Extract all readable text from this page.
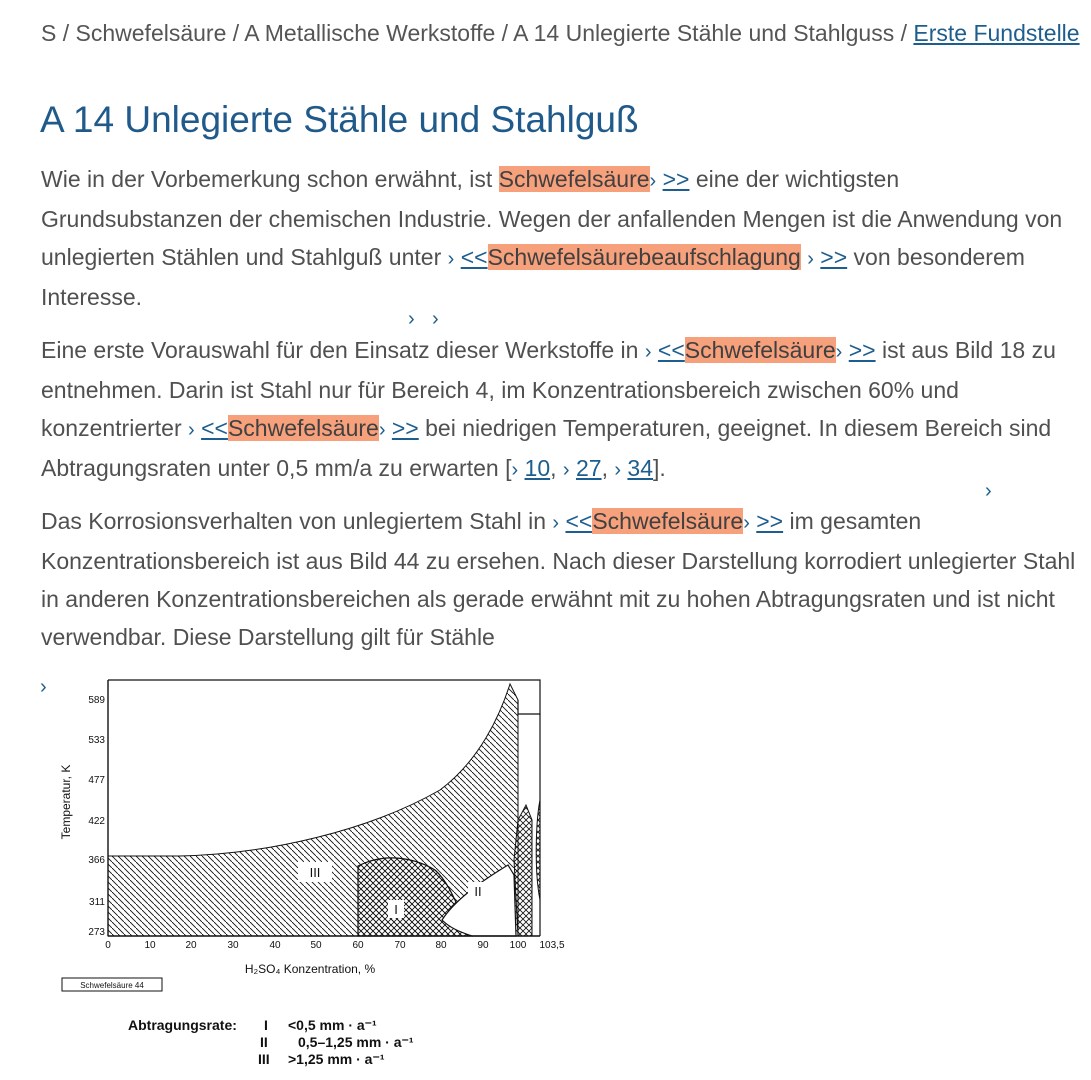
S / Schwefelsäure / A Metallische Werkstoffe / A 14 Unlegierte Stähle und Stahlguss / Erste Fundstelle
A 14 Unlegierte Stähle und Stahlguß

Wie in der Vorbemerkung schon erwähnt, ist Schwefelsäure› >> eine der wichtigsten Grundsubstanzen der chemischen Industrie. Wegen der anfallenden Mengen ist die Anwendung von unlegierten Stählen und Stahlguß unter › <<Schwefelsäurebeaufschlagung › >> von besonderem Interesse.

› ›

Eine erste Vorauswahl für den Einsatz dieser Werkstoffe in › <<Schwefelsäure› >> ist aus Bild 18 zu entnehmen. Darin ist Stahl nur für Bereich 4, im Konzentrationsbereich zwischen 60% und konzentrierter › <<Schwefelsäure› >> bei niedrigen Temperaturen, geeignet. In diesem Bereich sind Abtragungsraten unter 0,5 mm/a zu erwarten [› 10, › 27, › 34].

›

Das Korrosionsverhalten von unlegiertem Stahl in › <<Schwefelsäure› >> im gesamten Konzentrationsbereich ist aus Bild 44 zu ersehen. Nach dieser Darstellung korrodiert unlegierter Stahl in anderen Konzentrationsbereichen als gerade erwähnt mit zu hohen Abtragungsraten und ist nicht verwendbar. Diese Darstellung gilt für Stähle

›
Temperatur, K
589
533
477
422
366
311
273
III
II
I
0	10	20	30	40	50	60	70	80	90 100 103,5
H₂SO₄ Konzentration, %
Schwefelsäure 44
Abtragungsrate: I <0,5 mm · a⁻¹
II 0,5–1,25 mm · a⁻¹
III >1,25 mm · a⁻¹
